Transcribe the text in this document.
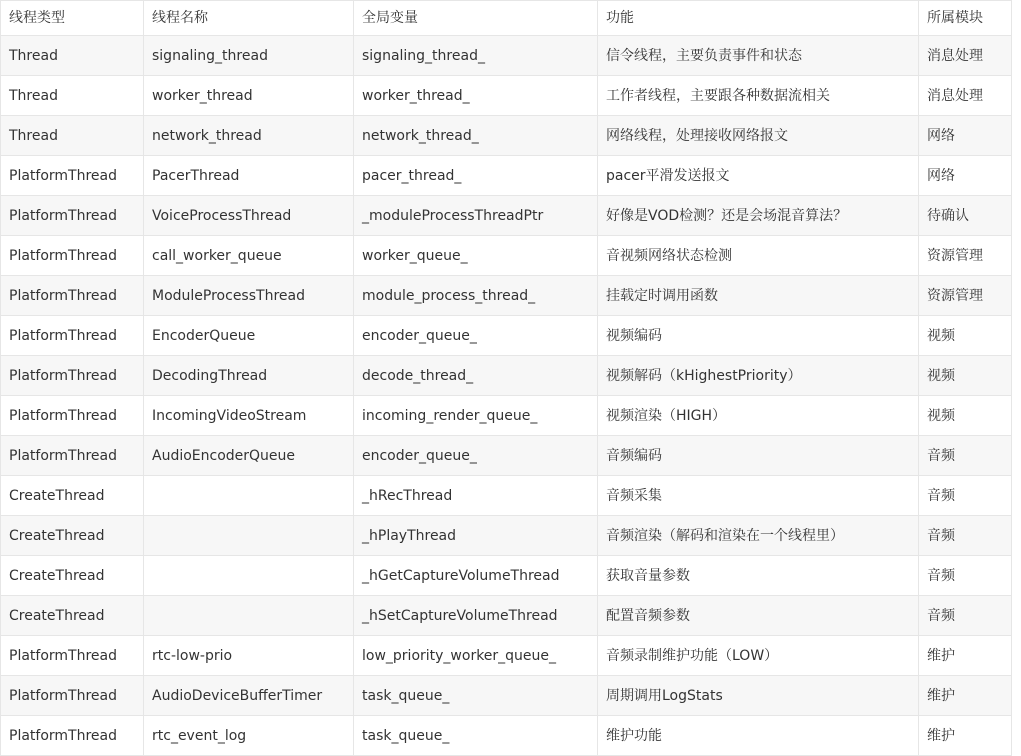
线程类型	线程名称	全局变量	功能	所属模块
Thread	signaling_thread	signaling_thread_	信令线程，主要负责事件和状态	消息处理
Thread	worker_thread	worker_thread_	工作者线程，主要跟各种数据流相关	消息处理
Thread	network_thread	network_thread_	网络线程，处理接收网络报文	网络
PlatformThread	PacerThread	pacer_thread_	pacer平滑发送报文	网络
PlatformThread	VoiceProcessThread	_moduleProcessThreadPtr	好像是VOD检测？还是会场混音算法？	待确认
PlatformThread	call_worker_queue	worker_queue_	音视频网络状态检测	资源管理
PlatformThread	ModuleProcessThread	module_process_thread_	挂载定时调用函数	资源管理
PlatformThread	EncoderQueue	encoder_queue_	视频编码	视频
PlatformThread	DecodingThread	decode_thread_	视频解码（kHighestPriority）	视频
PlatformThread	IncomingVideoStream	incoming_render_queue_	视频渲染（HIGH）	视频
PlatformThread	AudioEncoderQueue	encoder_queue_	音频编码	音频
CreateThread		_hRecThread	音频采集	音频
CreateThread		_hPlayThread	音频渲染（解码和渲染在一个线程里）	音频
CreateThread		_hGetCaptureVolumeThread	获取音量参数	音频
CreateThread		_hSetCaptureVolumeThread	配置音频参数	音频
PlatformThread	rtc-low-prio	low_priority_worker_queue_	音频录制维护功能（LOW）	维护
PlatformThread	AudioDeviceBufferTimer	task_queue_	周期调用LogStats	维护
PlatformThread	rtc_event_log	task_queue_	维护功能	维护
